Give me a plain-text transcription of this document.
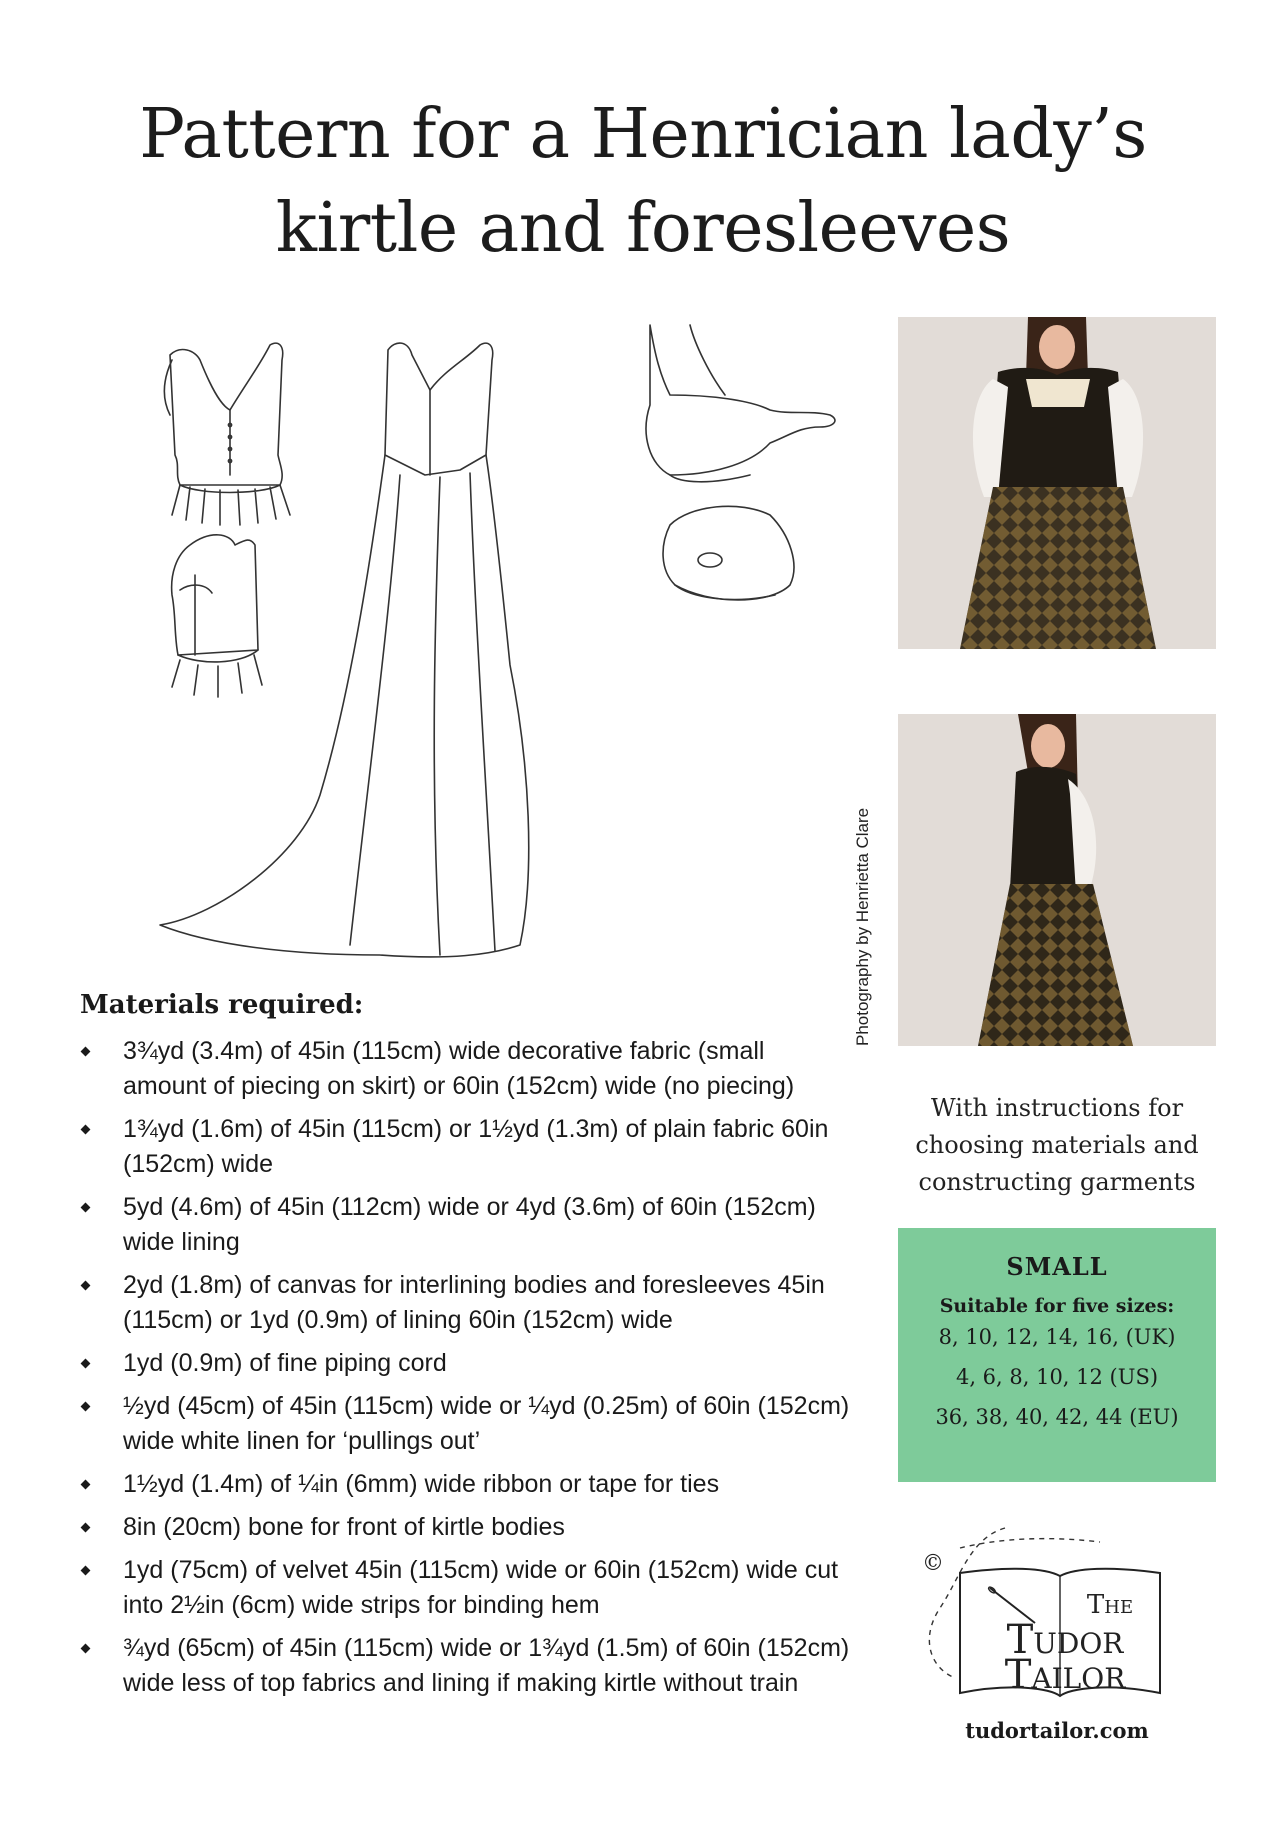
Pattern for a Henrician lady’s
kirtle and foresleeves
Photography by Henrietta Clare
Materials required:
3¾yd (3.4m) of 45in (115cm) wide decorative fabric (small amount of piecing on skirt) or 60in (152cm) wide (no piecing)
1¾yd (1.6m) of 45in (115cm) or 1½yd (1.3m) of plain fabric 60in (152cm) wide
5yd (4.6m) of 45in (112cm) wide or 4yd (3.6m) of 60in (152cm) wide lining
2yd (1.8m) of canvas for interlining bodies and foresleeves 45in (115cm) or 1yd (0.9m) of lining 60in (152cm) wide
1yd (0.9m) of fine piping cord
½yd (45cm) of 45in (115cm) wide or ¼yd (0.25m) of 60in (152cm) wide white linen for ‘pullings out’
1½yd (1.4m) of ¼in (6mm) wide ribbon or tape for ties
8in (20cm) bone for front of kirtle bodies
1yd (75cm) of velvet 45in (115cm) wide or 60in (152cm) wide cut into 2½in (6cm) wide strips for binding hem
¾yd (65cm) of 45in (115cm) wide or 1¾yd (1.5m) of 60in (152cm) wide less of top fabrics and lining if making kirtle without train
With instructions for
choosing materials and
constructing garments
SMALL
Suitable for five sizes:
8, 10, 12, 14, 16, (UK)
4, 6, 8, 10, 12 (US)
36, 38, 40, 42, 44 (EU)
©
The
Tudor
Tailor
tudortailor.com
